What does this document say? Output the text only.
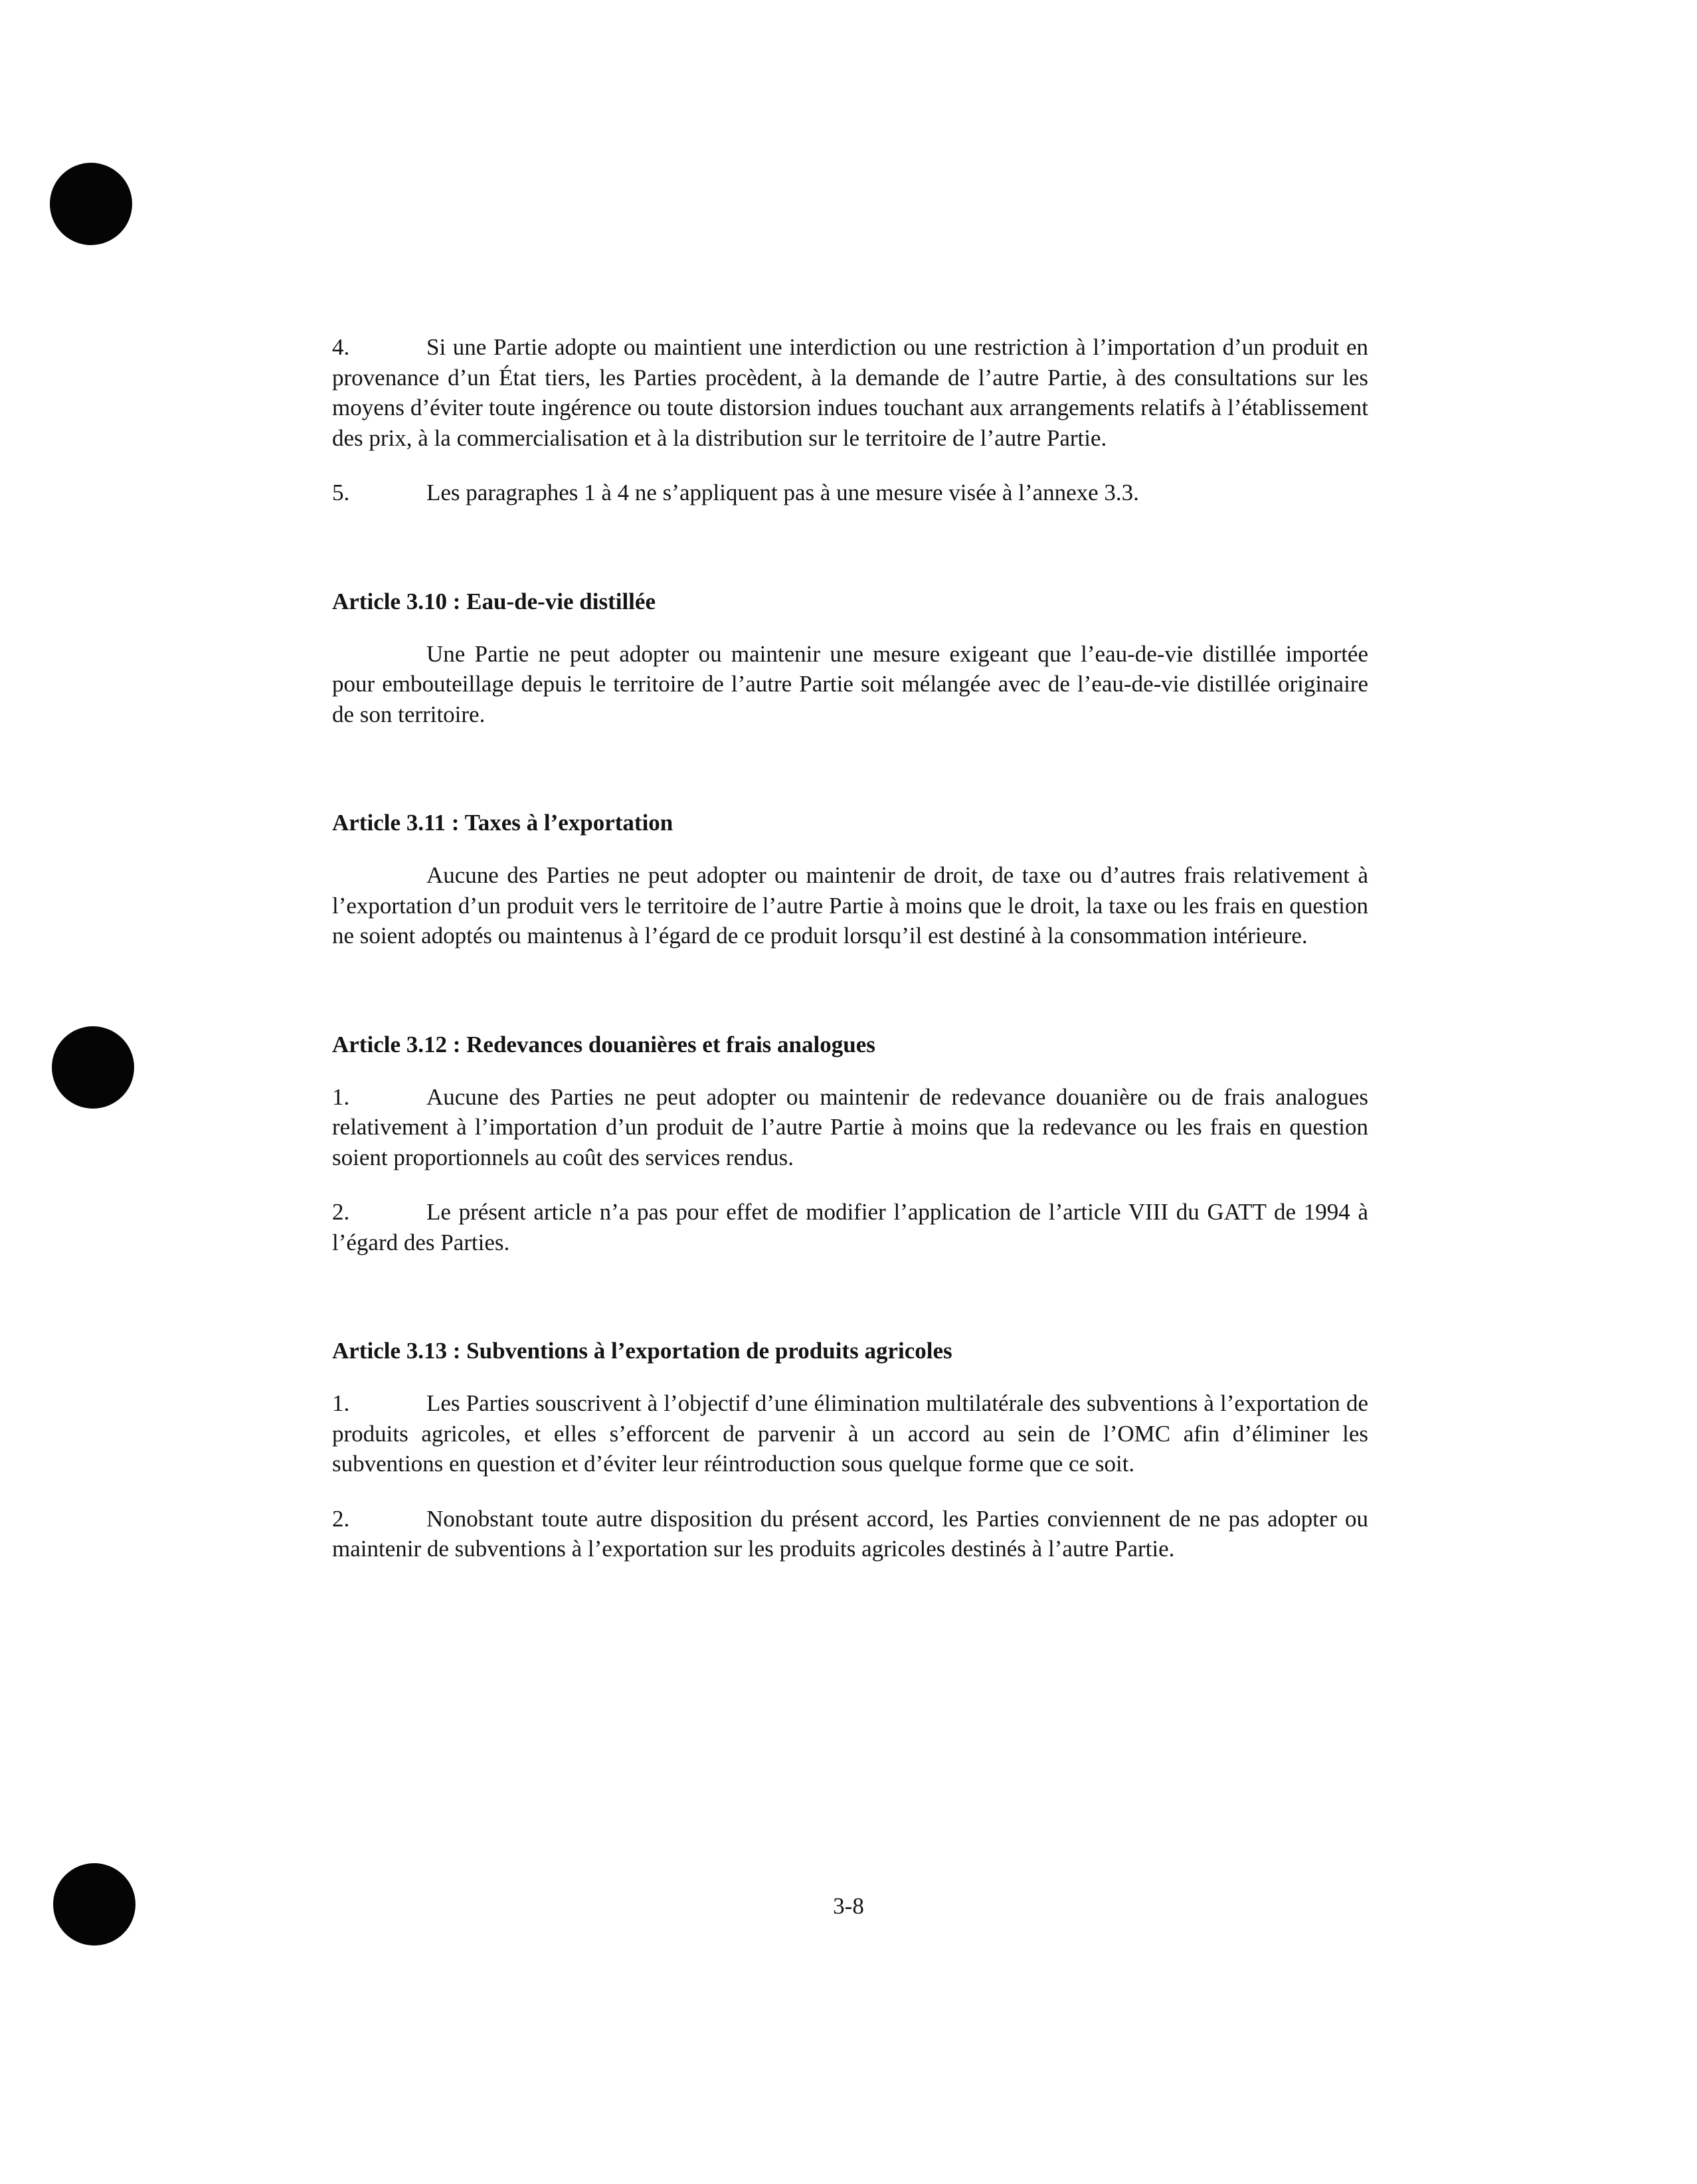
4.	Si une Partie adopte ou maintient une interdiction ou une restriction à l’importation d’un produit en provenance d’un État tiers, les Parties procèdent, à la demande de l’autre Partie, à des consultations sur les moyens d’éviter toute ingérence ou toute distorsion indues touchant aux arrangements relatifs à l’établissement des prix, à la commercialisation et à la distribution sur le territoire de l’autre Partie.

5.	Les paragraphes 1 à 4 ne s’appliquent pas à une mesure visée à l’annexe 3.3.

Article 3.10 : Eau-de-vie distillée

Une Partie ne peut adopter ou maintenir une mesure exigeant que l’eau-de-vie distillée importée pour embouteillage depuis le territoire de l’autre Partie soit mélangée avec de l’eau-de-vie distillée originaire de son territoire.

Article 3.11 : Taxes à l’exportation

Aucune des Parties ne peut adopter ou maintenir de droit, de taxe ou d’autres frais relativement à l’exportation d’un produit vers le territoire de l’autre Partie à moins que le droit, la taxe ou les frais en question ne soient adoptés ou maintenus à l’égard de ce produit lorsqu’il est destiné à la consommation intérieure.

Article 3.12 : Redevances douanières et frais analogues

1.	Aucune des Parties ne peut adopter ou maintenir de redevance douanière ou de frais analogues relativement à l’importation d’un produit de l’autre Partie à moins que la redevance ou les frais en question soient proportionnels au coût des services rendus.

2.	Le présent article n’a pas pour effet de modifier l’application de l’article VIII du GATT de 1994 à l’égard des Parties.

Article 3.13 : Subventions à l’exportation de produits agricoles

1.	Les Parties souscrivent à l’objectif d’une élimination multilatérale des subventions à l’exportation de produits agricoles, et elles s’efforcent de parvenir à un accord au sein de l’OMC afin d’éliminer les subventions en question et d’éviter leur réintroduction sous quelque forme que ce soit.

2.	Nonobstant toute autre disposition du présent accord, les Parties conviennent de ne pas adopter ou maintenir de subventions à l’exportation sur les produits agricoles destinés à l’autre Partie.

3-8
